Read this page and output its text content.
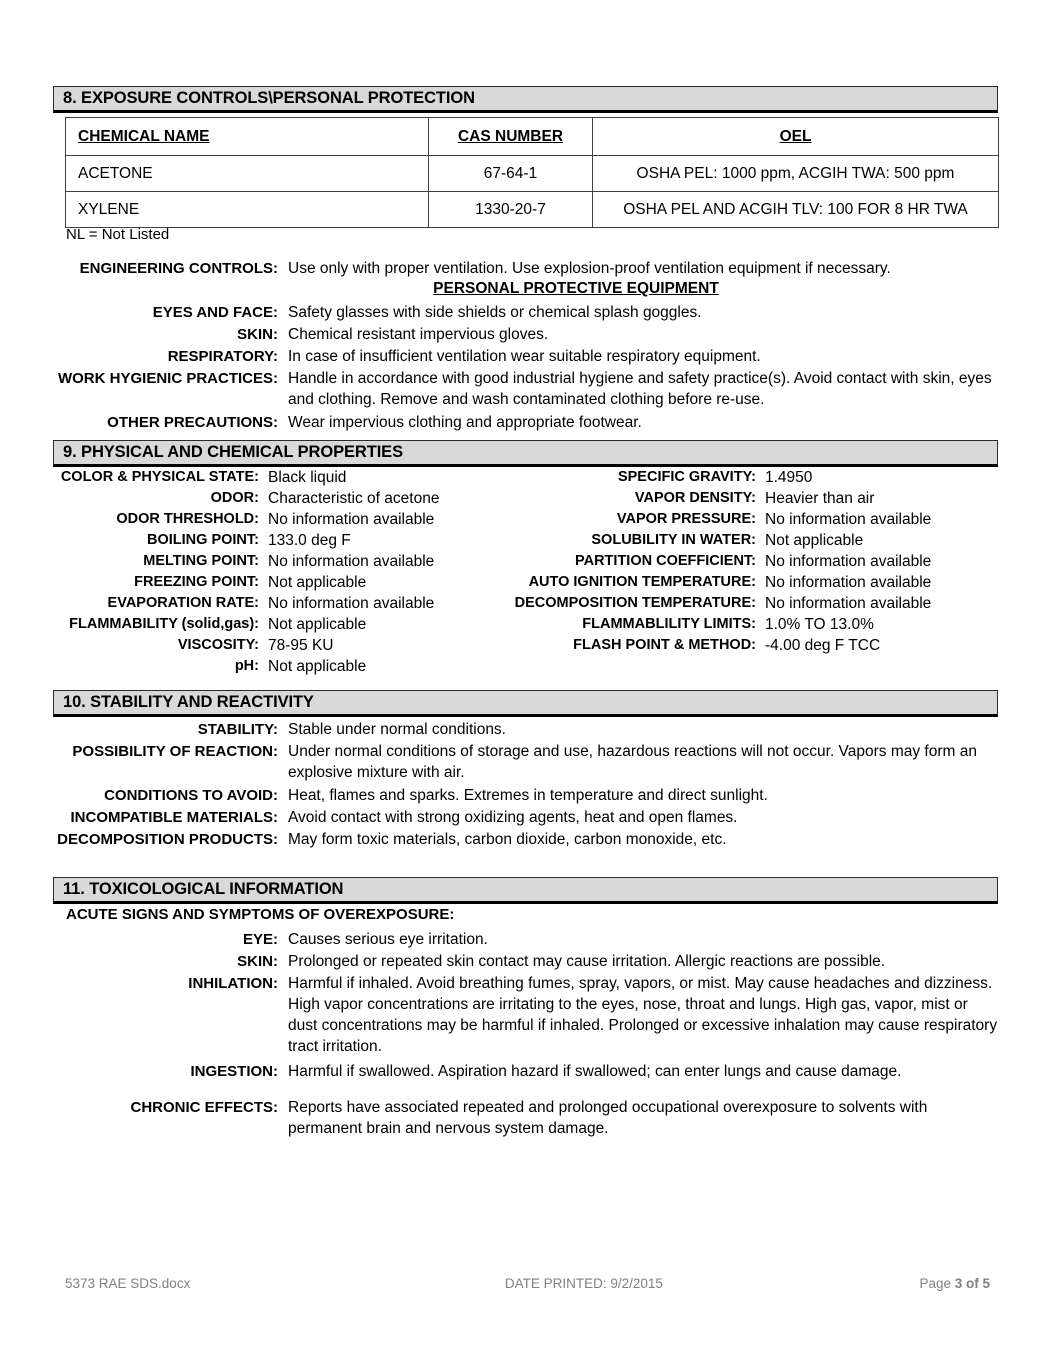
8. EXPOSURE CONTROLS\PERSONAL PROTECTION
CHEMICAL NAME	CAS NUMBER	OEL
ACETONE	67-64-1	OSHA PEL: 1000 ppm, ACGIH TWA: 500 ppm
XYLENE	1330-20-7	OSHA PEL AND ACGIH TLV: 100 FOR 8 HR TWA
NL = Not Listed
ENGINEERING CONTROLS: Use only with proper ventilation. Use explosion-proof ventilation equipment if necessary.
EYES AND FACE: Safety glasses with side shields or chemical splash goggles.
SKIN: Chemical resistant impervious gloves.
RESPIRATORY: In case of insufficient ventilation wear suitable respiratory equipment.
WORK HYGIENIC PRACTICES: Handle in accordance with good industrial hygiene and safety practice(s). Avoid contact with skin, eyes and clothing. Remove and wash contaminated clothing before re-use.
OTHER PRECAUTIONS: Wear impervious clothing and appropriate footwear.
PERSONAL PROTECTIVE EQUIPMENT
9. PHYSICAL AND CHEMICAL PROPERTIES
COLOR & PHYSICAL STATE: Black liquid
ODOR: Characteristic of acetone
ODOR THRESHOLD: No information available
BOILING POINT: 133.0 deg F
MELTING POINT: No information available
FREEZING POINT: Not applicable
EVAPORATION RATE: No information available
FLAMMABILITY (solid,gas): Not applicable
VISCOSITY: 78-95 KU
pH: Not applicable
SPECIFIC GRAVITY: 1.4950
VAPOR DENSITY: Heavier than air
VAPOR PRESSURE: No information available
SOLUBILITY IN WATER: Not applicable
PARTITION COEFFICIENT: No information available
AUTO IGNITION TEMPERATURE: No information available
DECOMPOSITION TEMPERATURE: No information available
FLAMMABLILITY LIMITS: 1.0% TO 13.0%
FLASH POINT & METHOD: -4.00 deg F TCC
10. STABILITY AND REACTIVITY
STABILITY: Stable under normal conditions.
POSSIBILITY OF REACTION: Under normal conditions of storage and use, hazardous reactions will not occur. Vapors may form an explosive mixture with air.
CONDITIONS TO AVOID: Heat, flames and sparks. Extremes in temperature and direct sunlight.
INCOMPATIBLE MATERIALS: Avoid contact with strong oxidizing agents, heat and open flames.
DECOMPOSITION PRODUCTS: May form toxic materials, carbon dioxide, carbon monoxide, etc.
11. TOXICOLOGICAL INFORMATION
ACUTE SIGNS AND SYMPTOMS OF OVEREXPOSURE:
EYE: Causes serious eye irritation.
SKIN: Prolonged or repeated skin contact may cause irritation. Allergic reactions are possible.
INHILATION: Harmful if inhaled. Avoid breathing fumes, spray, vapors, or mist. May cause headaches and dizziness. High vapor concentrations are irritating to the eyes, nose, throat and lungs. High gas, vapor, mist or dust concentrations may be harmful if inhaled. Prolonged or excessive inhalation may cause respiratory tract irritation.
INGESTION: Harmful if swallowed. Aspiration hazard if swallowed; can enter lungs and cause damage.
CHRONIC EFFECTS: Reports have associated repeated and prolonged occupational overexposure to solvents with permanent brain and nervous system damage.
5373 RAE SDS.docx	DATE PRINTED: 9/2/2015	Page 3 of 5
